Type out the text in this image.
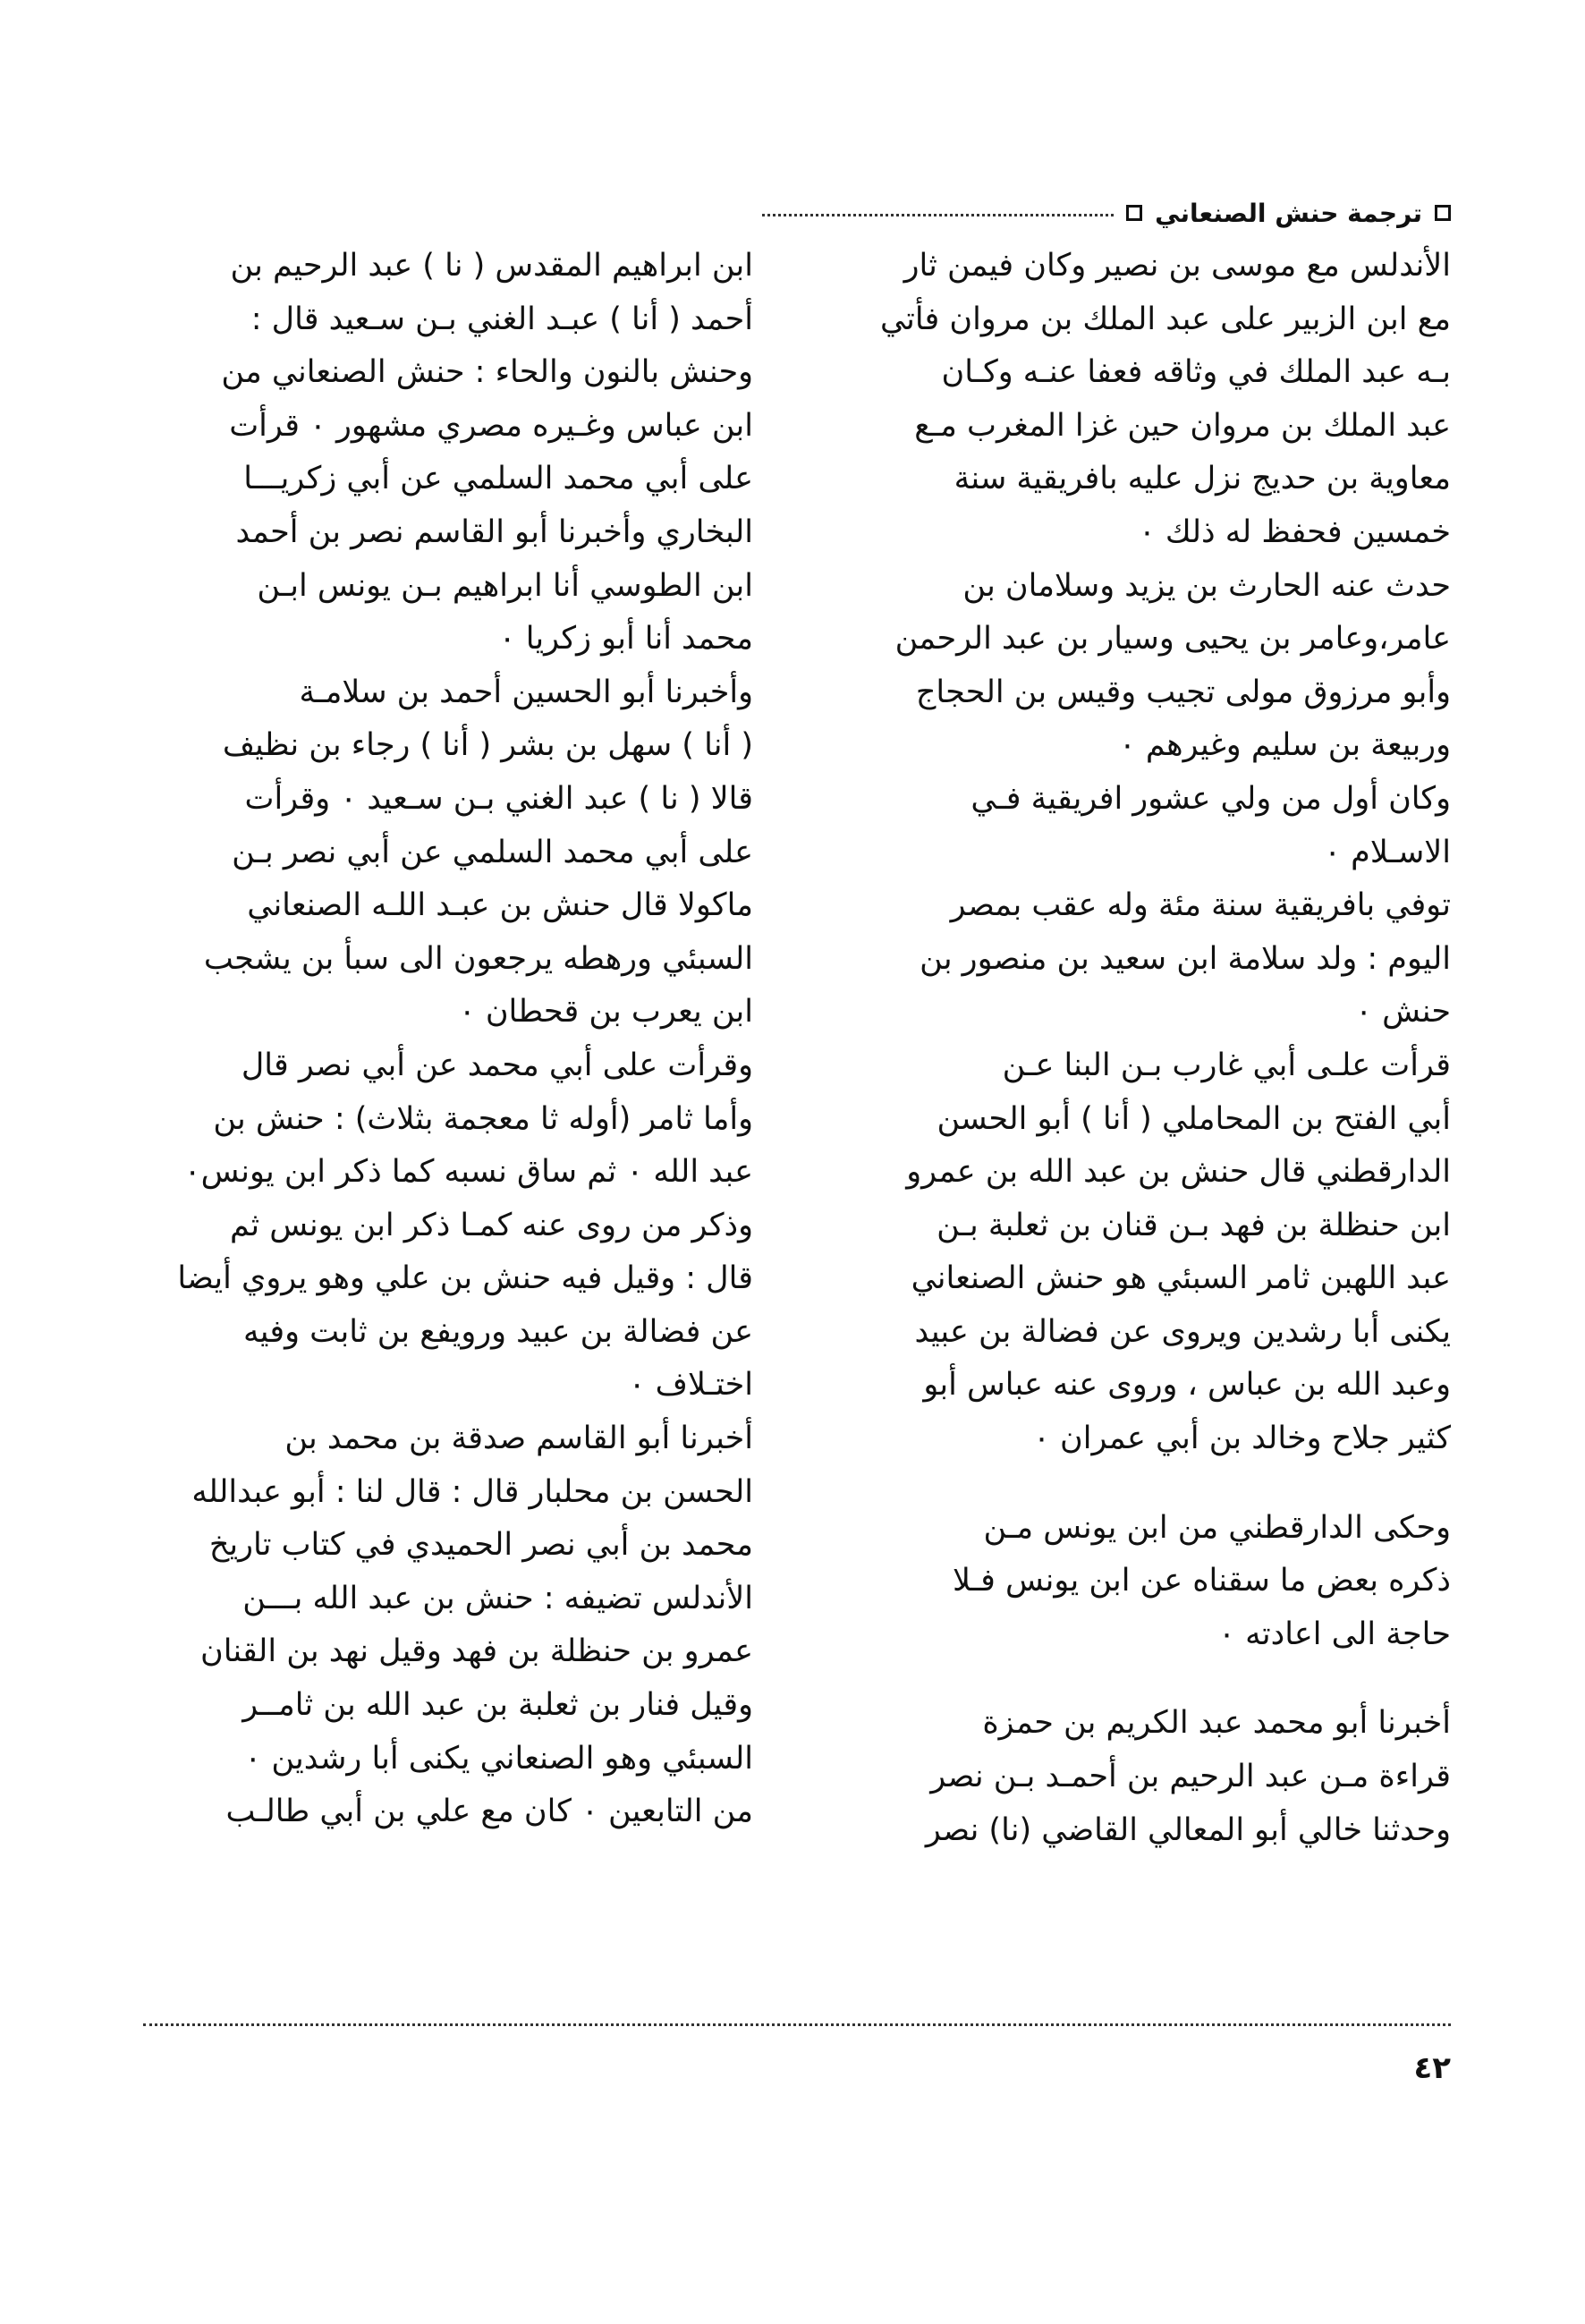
ترجمة حنش الصنعاني
الأندلس مع موسى بن نصير وكان فيمن ثار
مع ابن الزبير على عبد الملك بن مروان فأتي
بـه عبد الملك في وثاقه فعفا عنـه وكـان
عبد الملك بن مروان حين غزا المغرب مـع
معاوية بن حديج نزل عليه بافريقية سنة
خمسين فحفظ له ذلك ٠
حدث عنه الحارث بن يزيد وسلامان بن
عامر،وعامر بن يحيى وسيار بن عبد الرحمن
وأبو مرزوق مولى تجيب وقيس بن الحجاج
وربيعة بن سليم وغيرهم ٠
وكان أول من ولي عشور افريقية فـي
الاسـلام ٠
توفي بافريقية سنة مئة وله عقب بمصر
اليوم : ولد سلامة ابن سعيد بن منصور بن
حنش ٠
قرأت علـى أبي غارب بـن البنا عـن
أبي الفتح بن المحاملي ( أنا ) أبو الحسن
الدارقطني قال حنش بن عبد الله بن عمرو
ابن حنظلة بن فهد بـن قنان بن ثعلبة بـن
عبد اللهبن ثامر السبئي هو حنش الصنعاني
يكنى أبا رشدين ويروى عن فضالة بن عبيد
وعبد الله بن عباس ، وروى عنه عباس أبو
كثير جلاح وخالد بن أبي عمران ٠
وحكى الدارقطني من ابن يونس مـن
ذكره بعض ما سقناه عن ابن يونس فـلا
حاجة الى اعادته ٠
أخبرنا أبو محمد عبد الكريم بن حمزة
قراءة مـن عبد الرحيم بن أحمـد بـن نصر
وحدثنا خالي أبو المعالي القاضي (نا) نصر
ابن ابراهيم المقدس ( نا ) عبد الرحيم بن
أحمد ( أنا ) عبـد الغني بـن سـعيد قال :
وحنش بالنون والحاء : حنش الصنعاني من
ابن عباس وغـيره مصري مشهور ٠ قرأت
على أبي محمد السلمي عن أبي زكريـــا
البخاري وأخبرنا أبو القاسم نصر بن أحمد
ابن الطوسي أنا ابراهيم بـن يونس ابـن
محمد أنا أبو زكريا ٠
وأخبرنا أبو الحسين أحمد بن سلامـة
( أنا ) سهل بن بشر ( أنا ) رجاء بن نظيف
قالا ( نا ) عبد الغني بـن سـعيد ٠ وقرأت
على أبي محمد السلمي عن أبي نصر بـن
ماكولا قال حنش بن عبـد اللـه الصنعاني
السبئي ورهطه يرجعون الى سبأ بن يشجب
ابن يعرب بن قحطان ٠
وقرأت على أبي محمد عن أبي نصر قال
وأما ثامر (أوله ثا معجمة بثلاث) : حنش بن
عبد الله ٠ ثم ساق نسبه كما ذكر ابن يونس٠
وذكر من روى عنه كمـا ذكر ابن يونس ثم
قال : وقيل فيه حنش بن علي وهو يروي أيضا
عن فضالة بن عبيد ورويفع بن ثابت وفيه
اختـلاف ٠
أخبرنا أبو القاسم صدقة بن محمد بن
الحسن بن محلبار قال : قال لنا : أبو عبدالله
محمد بن أبي نصر الحميدي في كتاب تاريخ
الأندلس تضيفه : حنش بن عبد الله بـــن
عمرو بن حنظلة بن فهد وقيل نهد بن القنان
وقيل فنار بن ثعلبة بن عبد الله بن ثامــر
السبئي وهو الصنعاني يكنى أبا رشدين ٠
من التابعين ٠ كان مع علي بن أبي طالـب
٤٢
